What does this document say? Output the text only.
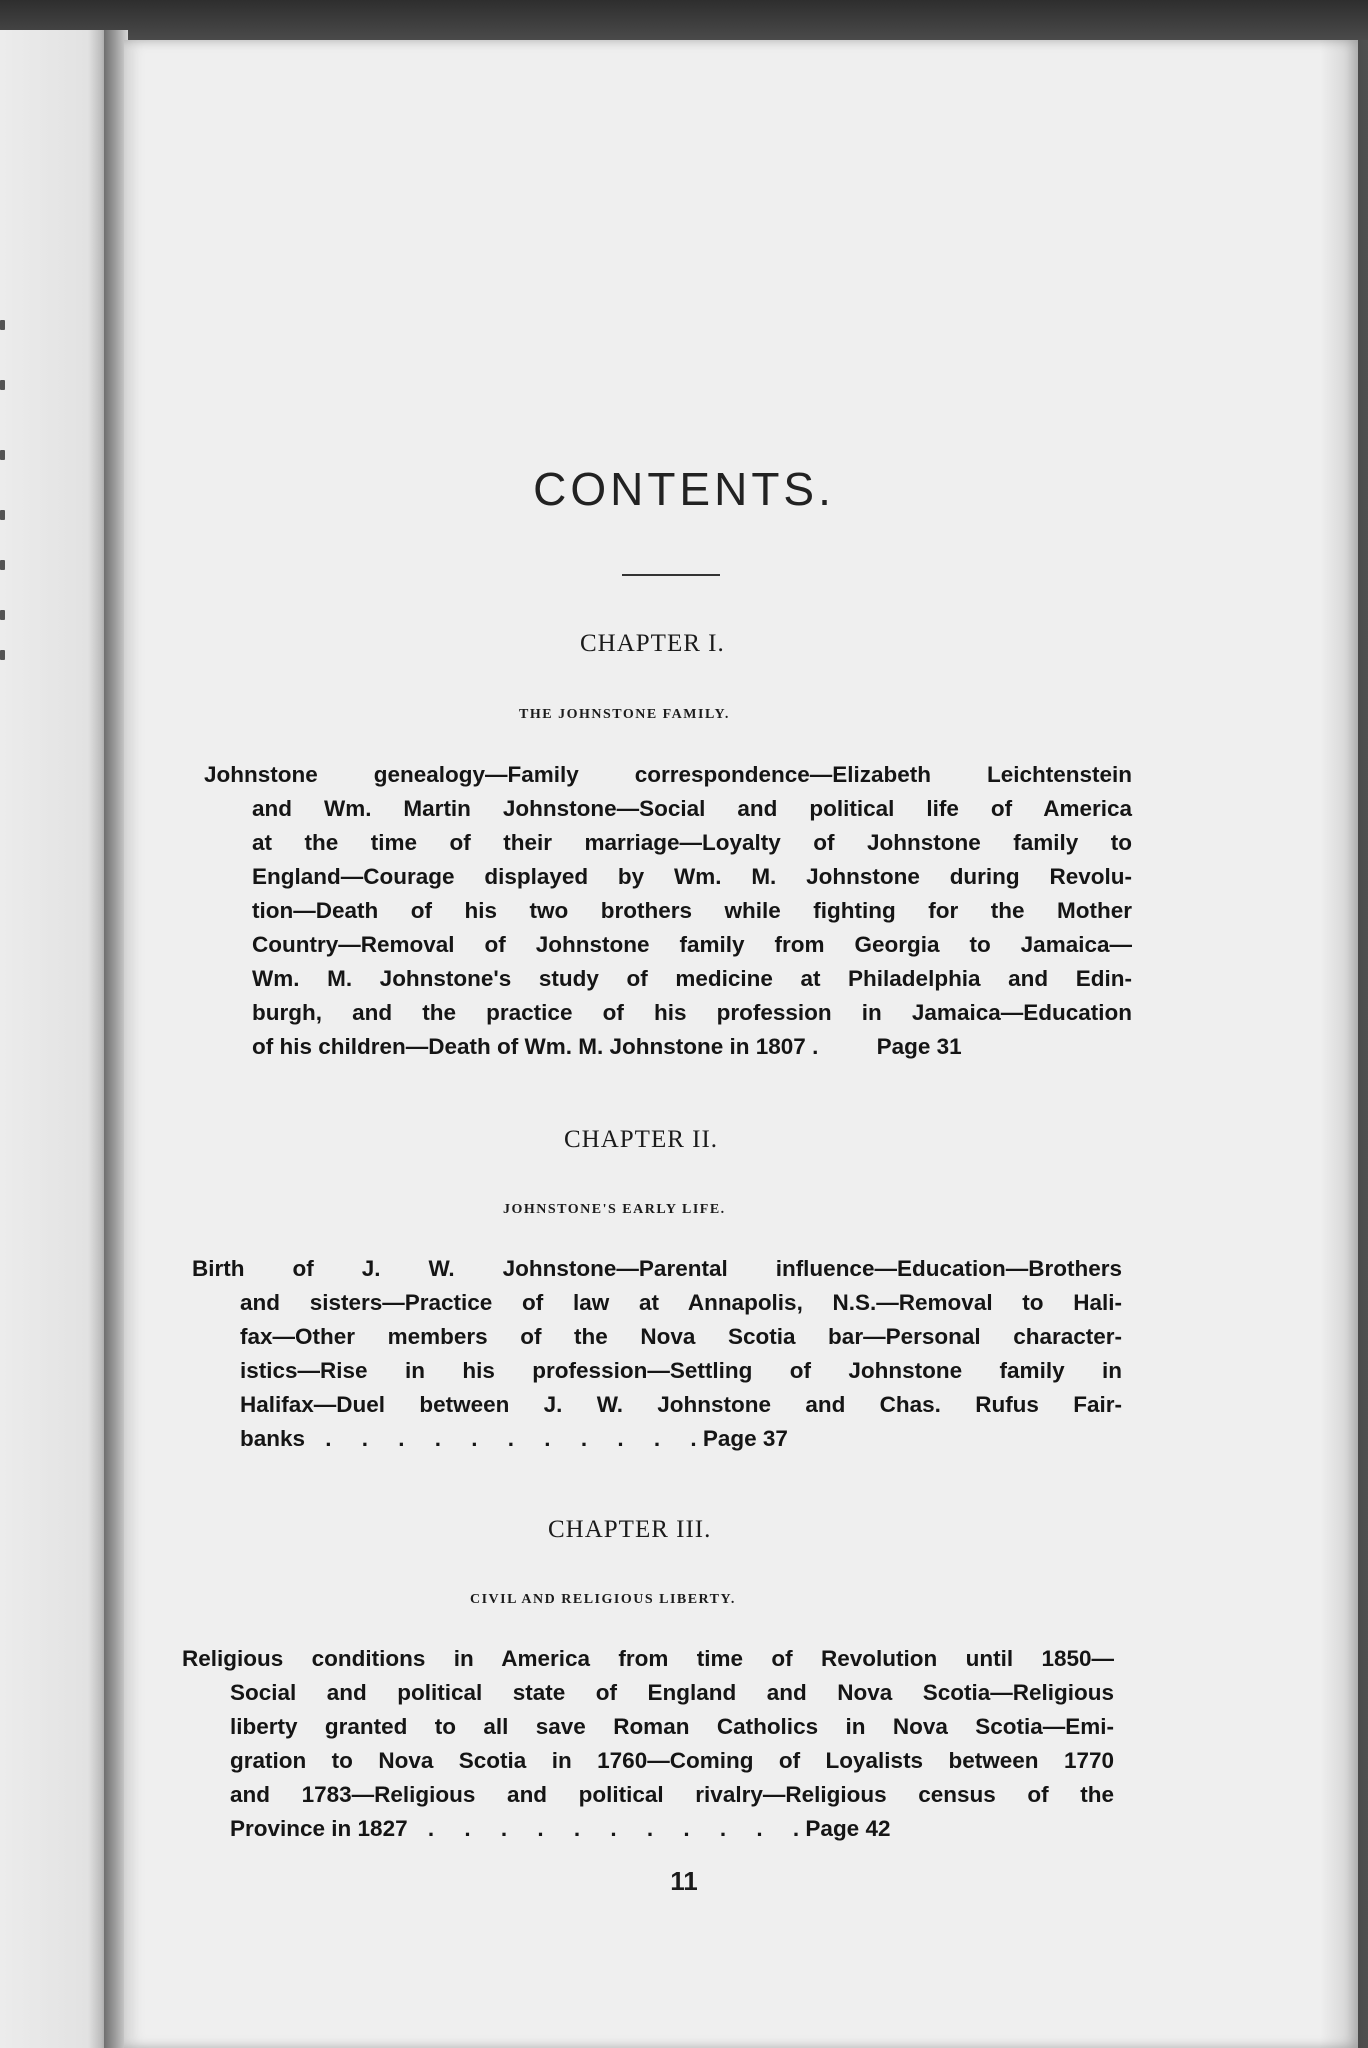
CONTENTS.
CHAPTER I.
THE JOHNSTONE FAMILY.
Johnstone genealogy—Family correspondence—Elizabeth Leichtenstein
and Wm. Martin Johnstone—Social and political life of America
at the time of their marriage—Loyalty of Johnstone family to
England—Courage displayed by Wm. M. Johnstone during Revolu-
tion—Death of his two brothers while fighting for the Mother
Country—Removal of Johnstone family from Georgia to Jamaica—
Wm. M. Johnstone's study of medicine at Philadelphia and Edin-
burgh, and the practice of his profession in Jamaica—Education
of his children—Death of Wm. M. Johnstone in 1807 .	Page 31
CHAPTER II.
JOHNSTONE'S EARLY LIFE.
Birth of J. W. Johnstone—Parental influence—Education—Brothers
and sisters—Practice of law at Annapolis, N.S.—Removal to Hali-
fax—Other members of the Nova Scotia bar—Personal character-
istics—Rise in his profession—Settling of Johnstone family in
Halifax—Duel between J. W. Johnstone and Chas. Rufus Fair-
banks . . . . . . . . . . . Page 37
CHAPTER III.
CIVIL AND RELIGIOUS LIBERTY.
Religious conditions in America from time of Revolution until 1850—
Social and political state of England and Nova Scotia—Religious
liberty granted to all save Roman Catholics in Nova Scotia—Emi-
gration to Nova Scotia in 1760—Coming of Loyalists between 1770
and 1783—Religious and political rivalry—Religious census of the
Province in 1827 . . . . . . . . . . . Page 42
11
